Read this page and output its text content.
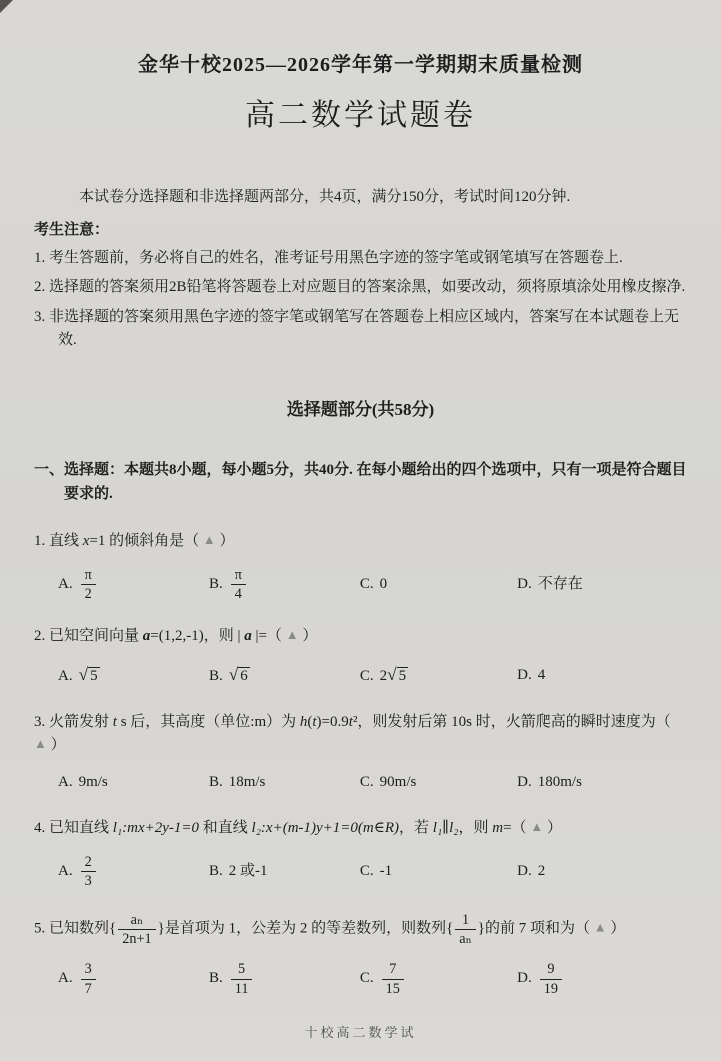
金华十校2025—2026学年第一学期期末质量检测
高二数学试题卷

本试卷分选择题和非选择题两部分，共4页，满分150分，考试时间120分钟.

考生注意：

1. 考生答题前，务必将自己的姓名，准考证号用黑色字迹的签字笔或钢笔填写在答题卷上.

2. 选择题的答案须用2B铅笔将答题卷上对应题目的答案涂黑，如要改动，须将原填涂处用橡皮擦净.

3. 非选择题的答案须用黑色字迹的签字笔或钢笔写在答题卷上相应区域内，答案写在本试题卷上无效.

选择题部分(共58分)

一、选择题：本题共8小题，每小题5分，共40分. 在每小题给出的四个选项中，只有一项是符合题目要求的.

1. 直线 x=1 的倾斜角是（ ▲ ）

A. $\frac{\pi}{2}$	B. $\frac{\pi}{4}$	C. 0	D. 不存在

2. 已知空间向量 a=(1,2,-1)，则 | a |=（ ▲ ）

A. √ 5	B. √ 6	C. 2√ 5	D. 4

3. 火箭发射 t s 后，其高度（单位:m）为 h(t)=0.9t²，则发射后第 10s 时，火箭爬高的瞬时速度为（ ▲ ）

A. 9m/s	B. 18m/s	C. 90m/s	D. 180m/s

4. 已知直线 l₁:mx+2y-1=0 和直线 l₂:x+(m-1)y+1=0(m∈R)，若 l₁∥l₂，则 m=（ ▲ ）

A. $\frac{2}{3}$	B. 2 或-1	C. -1	D. 2

5. 已知数列{ $\frac{\text{aₙ}}{2n+1}$ }是首项为 1，公差为 2 的等差数列，则数列{ $\frac{1}{\text{aₙ}}$ }的前 7 项和为（ ▲ ）

A. $\frac{3}{7}$	B. $\frac{5}{11}$	C. $\frac{7}{15}$	D. $\frac{9}{19}$
十校高二数学试
